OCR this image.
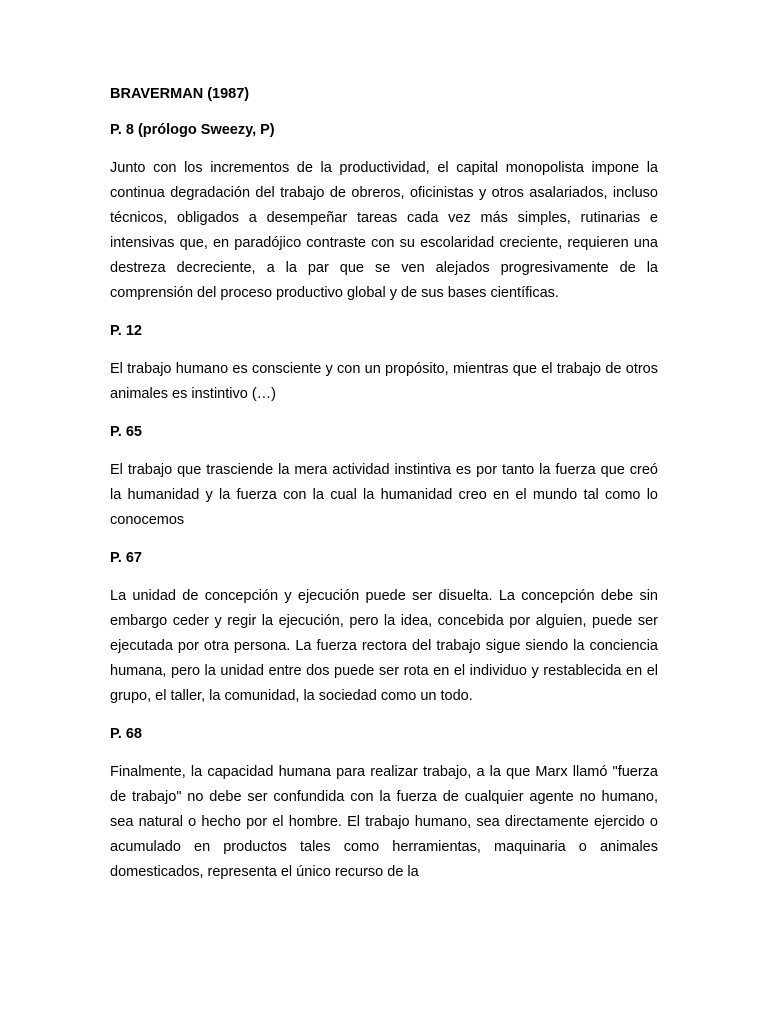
BRAVERMAN (1987)
P. 8 (prólogo Sweezy, P)

Junto con los incrementos de la productividad, el capital monopolista impone la continua degradación del trabajo de obreros, oficinistas y otros asalariados, incluso técnicos, obligados a desempeñar tareas cada vez más simples, rutinarias e intensivas que, en paradójico contraste con su escolaridad creciente, requieren una destreza decreciente, a la par que se ven alejados progresivamente de la comprensión del proceso productivo global y de sus bases científicas.

P. 12

El trabajo humano es consciente y con un propósito, mientras que el trabajo de otros animales es instintivo (…)

P. 65

El trabajo que trasciende la mera actividad instintiva es por tanto la fuerza que creó la humanidad y la fuerza con la cual la humanidad creo en el mundo tal como lo conocemos

P. 67

La unidad de concepción y ejecución puede ser disuelta. La concepción debe sin embargo ceder y regir la ejecución, pero la idea, concebida por alguien, puede ser ejecutada por otra persona. La fuerza rectora del trabajo sigue siendo la conciencia humana, pero la unidad entre dos puede ser rota en el individuo y restablecida en el grupo, el taller, la comunidad, la sociedad como un todo.

P. 68

Finalmente, la capacidad humana para realizar trabajo, a la que Marx llamó "fuerza de trabajo" no debe ser confundida con la fuerza de cualquier agente no humano, sea natural o hecho por el hombre. El trabajo humano, sea directamente ejercido o acumulado en productos tales como herramientas, maquinaria o animales domesticados, representa el único recurso de la
